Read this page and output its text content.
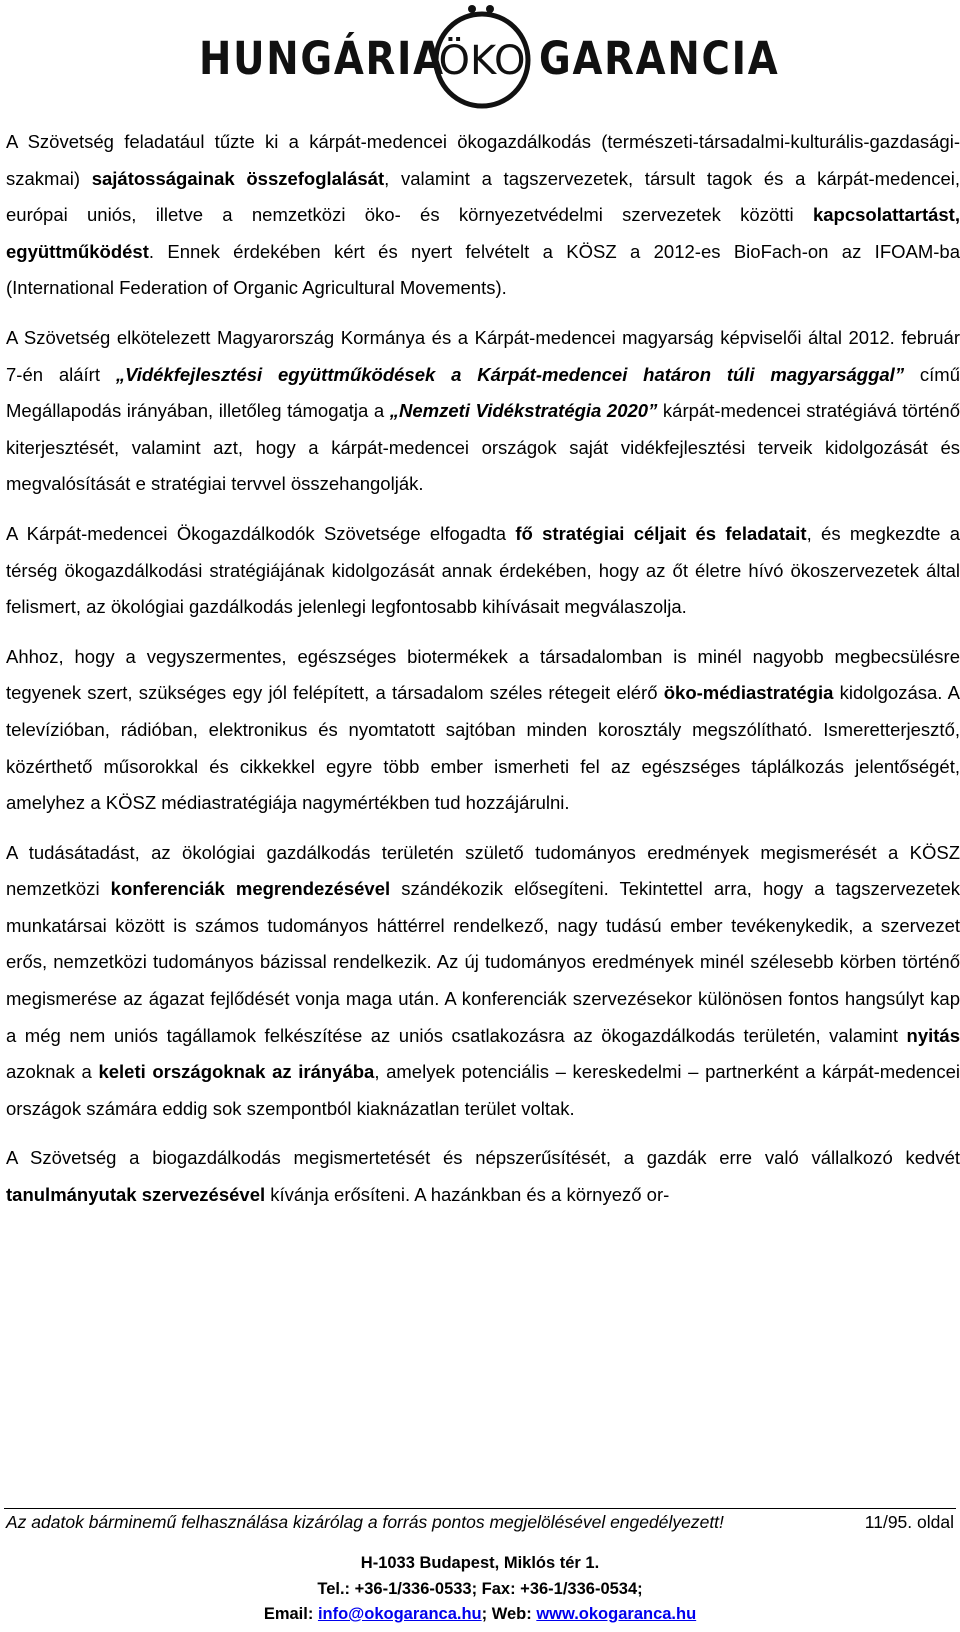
HUNGÁRIA
ÖKO GARANCIA

A Szövetség feladatául tűzte ki a kárpát-medencei ökogazdálkodás (természeti-társadalmi-kulturális-gazdasági-szakmai) sajátosságainak összefoglalását, valamint a tagszervezetek, társult tagok és a kárpát-medencei, európai uniós, illetve a nemzetközi öko- és környezetvédelmi szervezetek közötti kapcsolattartást, együttműködést. Ennek érdekében kért és nyert felvételt a KÖSZ a 2012-es BioFach-on az IFOAM-ba (International Federation of Organic Agricultural Movements).

A Szövetség elkötelezett Magyarország Kormánya és a Kárpát-medencei magyarság képviselői által 2012. február 7-én aláírt „Vidékfejlesztési együttműködések a Kárpát-medencei határon túli magyarsággal” című Megállapodás irányában, illetőleg támogatja a „Nemzeti Vidékstratégia 2020” kárpát-medencei stratégiává történő kiterjesztését, valamint azt, hogy a kárpát-medencei országok saját vidékfejlesztési terveik kidolgozását és megvalósítását e stratégiai tervvel összehangolják.

A Kárpát-medencei Ökogazdálkodók Szövetsége elfogadta fő stratégiai céljait és feladatait, és megkezdte a térség ökogazdálkodási stratégiájának kidolgozását annak érdekében, hogy az őt életre hívó ökoszervezetek által felismert, az ökológiai gazdálkodás jelenlegi legfontosabb kihívásait megválaszolja.

Ahhoz, hogy a vegyszermentes, egészséges biotermékek a társadalomban is minél nagyobb megbecsülésre tegyenek szert, szükséges egy jól felépített, a társadalom széles rétegeit elérő öko-médiastratégia kidolgozása. A televízióban, rádióban, elektronikus és nyomtatott sajtóban minden korosztály megszólítható. Ismeretterjesztő, közérthető műsorokkal és cikkekkel egyre több ember ismerheti fel az egészséges táplálkozás jelentőségét, amelyhez a KÖSZ médiastratégiája nagymértékben tud hozzájárulni.

A tudásátadást, az ökológiai gazdálkodás területén születő tudományos eredmények megismerését a KÖSZ nemzetközi konferenciák megrendezésével szándékozik elősegíteni. Tekintettel arra, hogy a tagszervezetek munkatársai között is számos tudományos háttérrel rendelkező, nagy tudású ember tevékenykedik, a szervezet erős, nemzetközi tudományos bázissal rendelkezik. Az új tudományos eredmények minél szélesebb körben történő megismerése az ágazat fejlődését vonja maga után. A konferenciák szervezésekor különösen fontos hangsúlyt kap a még nem uniós tagállamok felkészítése az uniós csatlakozásra az ökogazdálkodás területén, valamint nyitás azoknak a keleti országoknak az irányába, amelyek potenciális – kereskedelmi – partnerként a kárpát-medencei országok számára eddig sok szempontból kiaknázatlan terület voltak.

A Szövetség a biogazdálkodás megismertetését és népszerűsítését, a gazdák erre való vállalkozó kedvét tanulmányutak szervezésével kívánja erősíteni. A hazánkban és a környező or-

Az adatok bárminemű felhasználása kizárólag a forrás pontos megjelölésével engedélyezett!	11/95. oldal
H-1033 Budapest, Miklós tér 1.
Tel.: +36-1/336-0533; Fax: +36-1/336-0534;
Email: info@okogaranca.hu; Web: www.okogaranca.hu
